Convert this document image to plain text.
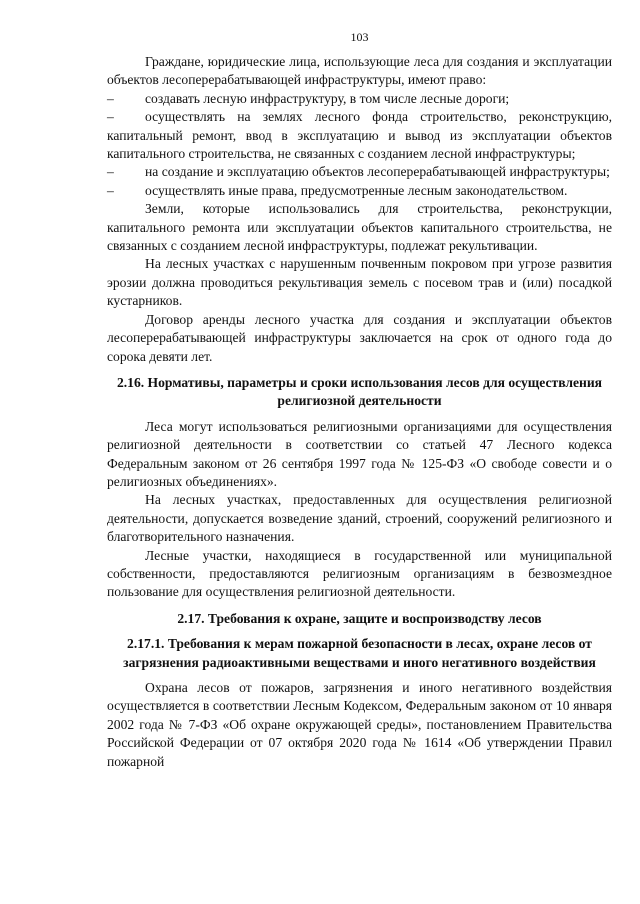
103

Граждане, юридические лица, использующие леса для создания и эксплуатации объектов лесоперерабатывающей инфраструктуры, имеют право:

– создавать лесную инфраструктуру, в том числе лесные дороги;

– осуществлять на землях лесного фонда строительство, реконструкцию, капитальный ремонт, ввод в эксплуатацию и вывод из эксплуатации объектов капитального строительства, не связанных с созданием лесной инфраструктуры;

– на создание и эксплуатацию объектов лесоперерабатывающей инфраструктуры;

– осуществлять иные права, предусмотренные лесным законодательством.

Земли, которые использовались для строительства, реконструкции, капитального ремонта или эксплуатации объектов капитального строительства, не связанных с созданием лесной инфраструктуры, подлежат рекультивации.

На лесных участках с нарушенным почвенным покровом при угрозе развития эрозии должна проводиться рекультивация земель с посевом трав и (или) посадкой кустарников.

Договор аренды лесного участка для создания и эксплуатации объектов лесоперерабатывающей инфраструктуры заключается на срок от одного года до сорока девяти лет.

2.16. Нормативы, параметры и сроки использования лесов для осуществления религиозной деятельности

Леса могут использоваться религиозными организациями для осуществления религиозной деятельности в соответствии со статьей 47 Лесного кодекса Федеральным законом от 26 сентября 1997 года № 125-ФЗ «О свободе совести и о религиозных объединениях».

На лесных участках, предоставленных для осуществления религиозной деятельности, допускается возведение зданий, строений, сооружений религиозного и благотворительного назначения.

Лесные участки, находящиеся в государственной или муниципальной собственности, предоставляются религиозным организациям в безвозмездное пользование для осуществления религиозной деятельности.

2.17. Требования к охране, защите и воспроизводству лесов
2.17.1. Требования к мерам пожарной безопасности в лесах, охране лесов от загрязнения радиоактивными веществами и иного негативного воздействия

Охрана лесов от пожаров, загрязнения и иного негативного воздействия осуществляется в соответствии Лесным Кодексом, Федеральным законом от 10 января 2002 года № 7-ФЗ «Об охране окружающей среды», постановлением Правительства Российской Федерации от 07 октября 2020 года № 1614 «Об утверждении Правил пожарной
